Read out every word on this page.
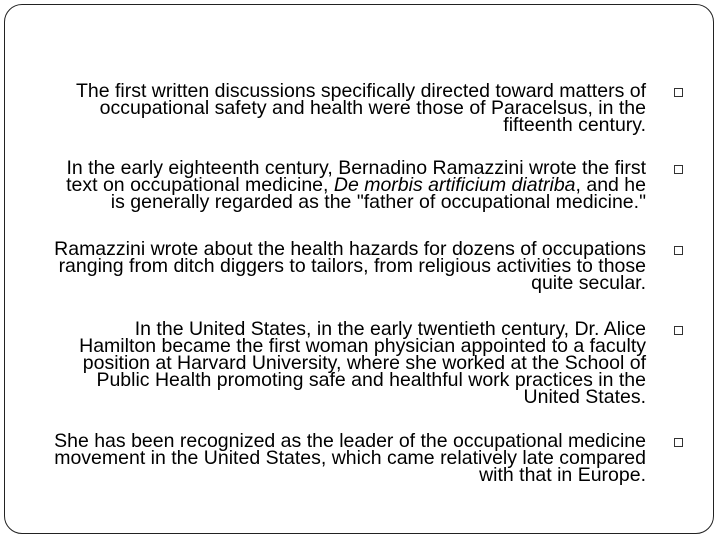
The first written discussions specifically directed toward matters of
occupational safety and health were those of Paracelsus, in the
fifteenth century.
In the early eighteenth century, Bernadino Ramazzini wrote the first
text on occupational medicine, De morbis artificium diatriba, and he
is generally regarded as the "father of occupational medicine."
Ramazzini wrote about the health hazards for dozens of occupations
ranging from ditch diggers to tailors, from religious activities to those
quite secular.
In the United States, in the early twentieth century, Dr. Alice
Hamilton became the first woman physician appointed to a faculty
position at Harvard University, where she worked at the School of
Public Health promoting safe and healthful work practices in the
United States.
She has been recognized as the leader of the occupational medicine
movement in the United States, which came relatively late compared
with that in Europe.
